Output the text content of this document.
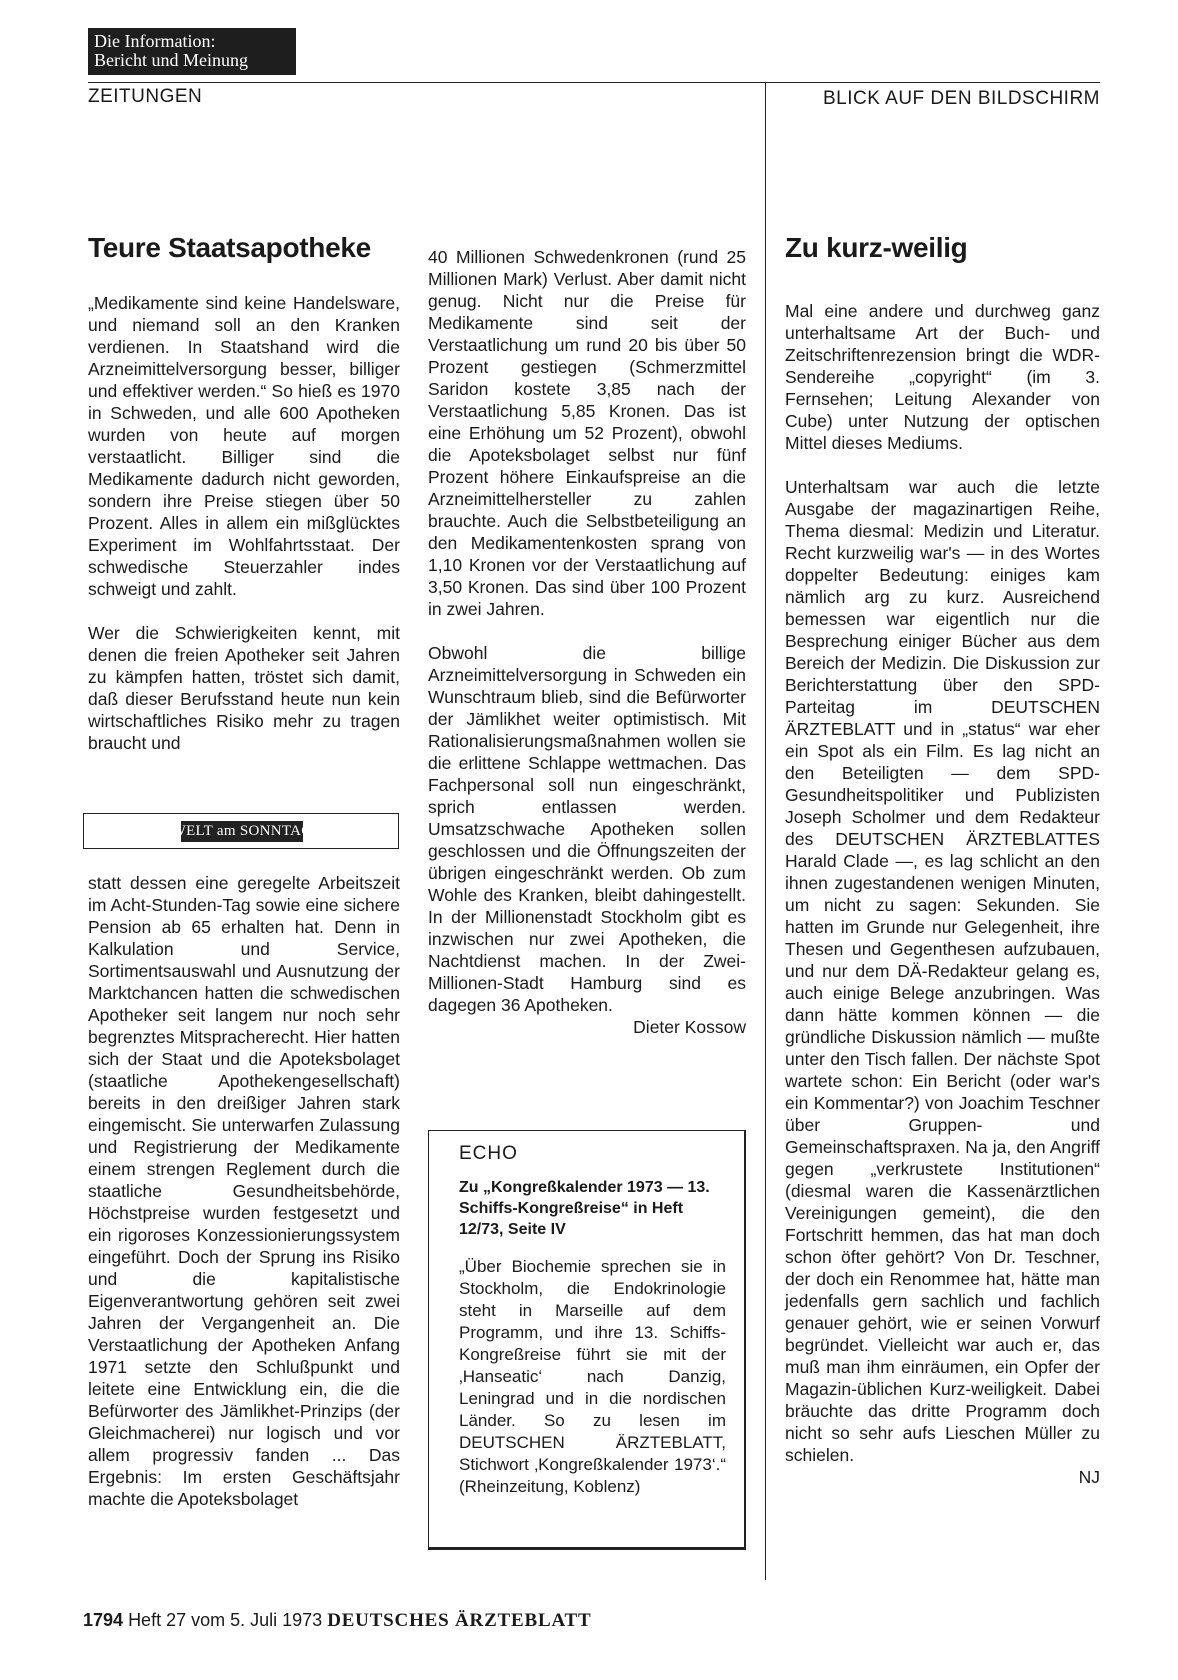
Die Information:
Bericht und Meinung
ZEITUNGEN	BLICK AUF DEN BILDSCHIRM
Teure Staatsapotheke

„Medikamente sind keine Handelsware, und niemand soll an den Kranken verdienen. In Staatshand wird die Arzneimittelversorgung besser, billiger und effektiver werden.“ So hieß es 1970 in Schweden, und alle 600 Apotheken wurden von heute auf morgen verstaatlicht. Billiger sind die Medikamente dadurch nicht geworden, sondern ihre Preise stiegen über 50 Prozent. Alles in allem ein mißglücktes Experiment im Wohlfahrtsstaat. Der schwedische Steuerzahler indes schweigt und zahlt.

Wer die Schwierigkeiten kennt, mit denen die freien Apotheker seit Jahren zu kämpfen hatten, tröstet sich damit, daß dieser Berufsstand heute nun kein wirtschaftliches Risiko mehr zu tragen braucht und

WELT am SONNTAG

statt dessen eine geregelte Arbeitszeit im Acht-Stunden-Tag sowie eine sichere Pension ab 65 erhalten hat. Denn in Kalkulation und Service, Sortimentsauswahl und Ausnutzung der Marktchancen hatten die schwedischen Apotheker seit langem nur noch sehr begrenztes Mitspracherecht. Hier hatten sich der Staat und die Apoteksbolaget (staatliche Apothekengesellschaft) bereits in den dreißiger Jahren stark eingemischt. Sie unterwarfen Zulassung und Registrierung der Medikamente einem strengen Reglement durch die staatliche Gesundheitsbehörde, Höchstpreise wurden festgesetzt und ein rigoroses Konzessionierungssystem eingeführt. Doch der Sprung ins Risiko und die kapitalistische Eigenverantwortung gehören seit zwei Jahren der Vergangenheit an. Die Verstaatlichung der Apotheken Anfang 1971 setzte den Schlußpunkt und leitete eine Entwicklung ein, die die Befürworter des Jämlikhet-Prinzips (der Gleichmacherei) nur logisch und vor allem progressiv fanden ... Das Ergebnis: Im ersten Geschäftsjahr machte die Apoteksbolaget

40 Millionen Schwedenkronen (rund 25 Millionen Mark) Verlust. Aber damit nicht genug. Nicht nur die Preise für Medikamente sind seit der Verstaatlichung um rund 20 bis über 50 Prozent gestiegen (Schmerzmittel Saridon kostete 3,85 nach der Verstaatlichung 5,85 Kronen. Das ist eine Erhöhung um 52 Prozent), obwohl die Apoteksbolaget selbst nur fünf Prozent höhere Einkaufspreise an die Arzneimittelhersteller zu zahlen brauchte. Auch die Selbstbeteiligung an den Medikamentenkosten sprang von 1,10 Kronen vor der Verstaatlichung auf 3,50 Kronen. Das sind über 100 Prozent in zwei Jahren.

Obwohl die billige Arzneimittelversorgung in Schweden ein Wunschtraum blieb, sind die Befürworter der Jämlikhet weiter optimistisch. Mit Rationalisierungsmaßnahmen wollen sie die erlittene Schlappe wettmachen. Das Fachpersonal soll nun eingeschränkt, sprich entlassen werden. Umsatzschwache Apotheken sollen geschlossen und die Öffnungszeiten der übrigen eingeschränkt werden. Ob zum Wohle des Kranken, bleibt dahingestellt. In der Millionenstadt Stockholm gibt es inzwischen nur zwei Apotheken, die Nachtdienst machen. In der Zwei-Millionen-Stadt Hamburg sind es dagegen 36 Apotheken.

Dieter Kossow
ECHO
Zu „Kongreßkalender 1973 — 13. Schiffs-Kongreßreise“ in Heft 12/73, Seite IV
„Über Biochemie sprechen sie in Stockholm, die Endokrinologie steht in Marseille auf dem Programm, und ihre 13. Schiffs-Kongreßreise führt sie mit der ‚Hanseatic‘ nach Danzig, Leningrad und in die nordischen Länder. So zu lesen im DEUTSCHEN ÄRZTEBLATT, Stichwort ‚Kongreßkalender 1973‘.“ (Rheinzeitung, Koblenz)
Zu kurz-weilig

Mal eine andere und durchweg ganz unterhaltsame Art der Buch- und Zeitschriftenrezension bringt die WDR-Sendereihe „copyright“ (im 3. Fernsehen; Leitung Alexander von Cube) unter Nutzung der optischen Mittel dieses Mediums.

Unterhaltsam war auch die letzte Ausgabe der magazinartigen Reihe, Thema diesmal: Medizin und Literatur. Recht kurzweilig war's — in des Wortes doppelter Bedeutung: einiges kam nämlich arg zu kurz. Ausreichend bemessen war eigentlich nur die Besprechung einiger Bücher aus dem Bereich der Medizin. Die Diskussion zur Berichterstattung über den SPD-Parteitag im DEUTSCHEN ÄRZTEBLATT und in „status“ war eher ein Spot als ein Film. Es lag nicht an den Beteiligten — dem SPD-Gesundheitspolitiker und Publizisten Joseph Scholmer und dem Redakteur des DEUTSCHEN ÄRZTEBLATTES Harald Clade —, es lag schlicht an den ihnen zugestandenen wenigen Minuten, um nicht zu sagen: Sekunden. Sie hatten im Grunde nur Gelegenheit, ihre Thesen und Gegenthesen aufzubauen, und nur dem DÄ-Redakteur gelang es, auch einige Belege anzubringen. Was dann hätte kommen können — die gründliche Diskussion nämlich — mußte unter den Tisch fallen. Der nächste Spot wartete schon: Ein Bericht (oder war's ein Kommentar?) von Joachim Teschner über Gruppen- und Gemeinschaftspraxen. Na ja, den Angriff gegen „verkrustete Institutionen“ (diesmal waren die Kassenärztlichen Vereinigungen gemeint), die den Fortschritt hemmen, das hat man doch schon öfter gehört? Von Dr. Teschner, der doch ein Renommee hat, hätte man jedenfalls gern sachlich und fachlich genauer gehört, wie er seinen Vorwurf begründet. Vielleicht war auch er, das muß man ihm einräumen, ein Opfer der Magazin-üblichen Kurz-weiligkeit. Dabei bräuchte das dritte Programm doch nicht so sehr aufs Lieschen Müller zu schielen.

NJ
1794 Heft 27 vom 5. Juli 1973 DEUTSCHES ÄRZTEBLATT
